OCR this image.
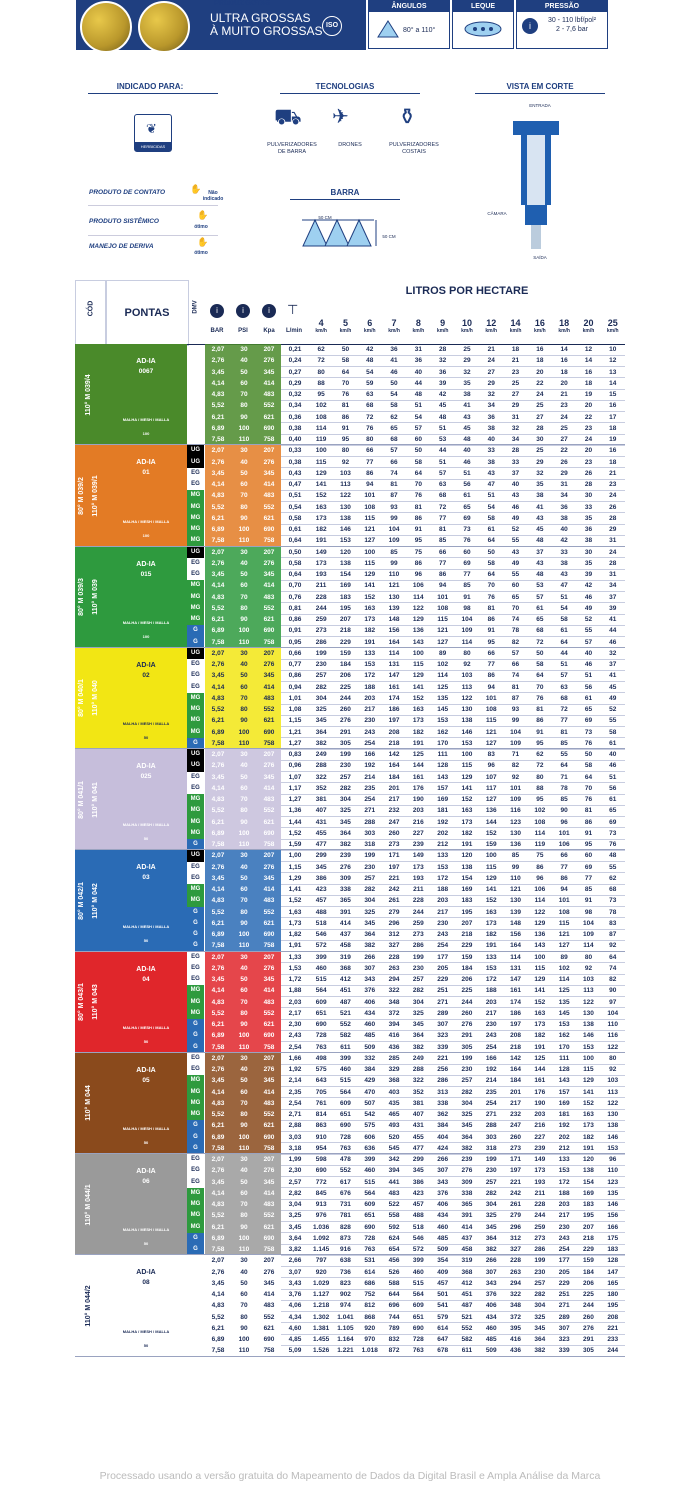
PRODUZ GOTAS
ULTRA GROSSAS
À MUITO GROSSAS ISO
ÂNGULOS
80° a 110°
LEQUE	PRESSÃO
i
30 - 110 lbf/pol²
2 - 7,6 bar
INDICADO PARA:
❦
HERBICIDAS
TECNOLOGIAS
⛟ ✈ ⚱
PULVERIZADORES DE BARRA
DRONES	PULVERIZADORES COSTAIS
VISTA EM CORTE
ENTRADA
CÂMARA
SAÍDA
PRODUTO DE CONTATO	✋	Não indicado
PRODUTO SISTÊMICO
✋
ótimo
MANEJO DE DERIVA	✋
ótimo
BARRA
50 CM
50 CM
CÓD	PONTAS	DMV	i	i	i	⊤
BAR	PSI	Kpa	L/min
LITROS POR HECTARE
4
km/h
5
km/h
6
km/h
7
km/h
8
km/h
9
km/h
10
km/h
12
km/h
14
km/h
16
km/h
18
km/h
20
km/h
25
km/h
110° M 039/4
AD-IA
0067
MALHA / MESH / MALLA
100
2,07	30	207	0,21	62	50	42	36	31	28	25	21	18	16	14	12	10
2,76	40	276	0,24	72	58	48	41	36	32	29	24	21	18	16	14	12
3,45	50	345	0,27	80	64	54	46	40	36	32	27	23	20	18	16	13
4,14	60	414	0,29	88	70	59	50	44	39	35	29	25	22	20	18	14
4,83	70	483	0,32	95	76	63	54	48	42	38	32	27	24	21	19	15
5,52	80	552	0,34	102	81	68	58	51	45	41	34	29	25	23	20	16
6,21	90	621	0,36	108	86	72	62	54	48	43	36	31	27	24	22	17
6,89	100	690	0,38	114	91	76	65	57	51	45	38	32	28	25	23	18
7,58	110	758	0,40	119	95	80	68	60	53	48	40	34	30	27	24	19
80° M 039/2	110° M 039/1
AD-IA
01
MALHA / MESH / MALLA
100
UG	2,07	30	207	0,33	100	80	66	57	50	44	40	33	28	25	22	20	16
UG	2,76	40	276	0,38	115	92	77	66	58	51	46	38	33	29	26	23	18
EG	3,45	50	345	0,43	129	103	86	74	64	57	51	43	37	32	29	26	21
EG	4,14	60	414	0,47	141	113	94	81	70	63	56	47	40	35	31	28	23
MG	4,83	70	483	0,51	152	122	101	87	76	68	61	51	43	38	34	30	24
MG	5,52	80	552	0,54	163	130	108	93	81	72	65	54	46	41	36	33	26
MG	6,21	90	621	0,58	173	138	115	99	86	77	69	58	49	43	38	35	28
MG	6,89	100	690	0,61	182	146	121	104	91	81	73	61	52	45	40	36	29
MG	7,58	110	758	0,64	191	153	127	109	95	85	76	64	55	48	42	38	31
80° M 039/3	110° M 039
AD-IA
015
MALHA / MESH / MALLA
100
UG	2,07	30	207	0,50	149	120	100	85	75	66	60	50	43	37	33	30	24
EG	2,76	40	276	0,58	173	138	115	99	86	77	69	58	49	43	38	35	28
EG	3,45	50	345	0,64	193	154	129	110	96	86	77	64	55	48	43	39	31
MG	4,14	60	414	0,70	211	169	141	121	106	94	85	70	60	53	47	42	34
MG	4,83	70	483	0,76	228	183	152	130	114	101	91	76	65	57	51	46	37
MG	5,52	80	552	0,81	244	195	163	139	122	108	98	81	70	61	54	49	39
MG	6,21	90	621	0,86	259	207	173	148	129	115	104	86	74	65	58	52	41
G	6,89	100	690	0,91	273	218	182	156	136	121	109	91	78	68	61	55	44
G	7,58	110	758	0,95	286	229	191	164	143	127	114	95	82	72	64	57	46
80° M 040/1	110° M 040
AD-IA
02
MALHA / MESH / MALLA
50
UG	2,07	30	207	0,66	199	159	133	114	100	89	80	66	57	50	44	40	32
EG	2,76	40	276	0,77	230	184	153	131	115	102	92	77	66	58	51	46	37
EG	3,45	50	345	0,86	257	206	172	147	129	114	103	86	74	64	57	51	41
EG	4,14	60	414	0,94	282	225	188	161	141	125	113	94	81	70	63	56	45
MG	4,83	70	483	1,01	304	244	203	174	152	135	122	101	87	76	68	61	49
MG	5,52	80	552	1,08	325	260	217	186	163	145	130	108	93	81	72	65	52
MG	6,21	90	621	1,15	345	276	230	197	173	153	138	115	99	86	77	69	55
MG	6,89	100	690	1,21	364	291	243	208	182	162	146	121	104	91	81	73	58
G	7,58	110	758	1,27	382	305	254	218	191	170	153	127	109	95	85	76	61
80° M 041/1	110° M 041
AD-IA
025
MALHA / MESH / MALLA
50
UG	2,07	30	207	0,83	249	199	166	142	125	111	100	83	71	62	55	50	40
UG	2,76	40	276	0,96	288	230	192	164	144	128	115	96	82	72	64	58	46
EG	3,45	50	345	1,07	322	257	214	184	161	143	129	107	92	80	71	64	51
EG	4,14	60	414	1,17	352	282	235	201	176	157	141	117	101	88	78	70	56
MG	4,83	70	483	1,27	381	304	254	217	190	169	152	127	109	95	85	76	61
MG	5,52	80	552	1,36	407	325	271	232	203	181	163	136	116	102	90	81	65
MG	6,21	90	621	1,44	431	345	288	247	216	192	173	144	123	108	96	86	69
MG	6,89	100	690	1,52	455	364	303	260	227	202	182	152	130	114	101	91	73
G	7,58	110	758	1,59	477	382	318	273	239	212	191	159	136	119	106	95	76
80° M 042/1	110° M 042
AD-IA
03
MALHA / MESH / MALLA
50
UG	2,07	30	207	1,00	299	239	199	171	149	133	120	100	85	75	66	60	48
EG	2,76	40	276	1,15	345	276	230	197	173	153	138	115	99	86	77	69	55
EG	3,45	50	345	1,29	386	309	257	221	193	172	154	129	110	96	86	77	62
MG	4,14	60	414	1,41	423	338	282	242	211	188	169	141	121	106	94	85	68
MG	4,83	70	483	1,52	457	365	304	261	228	203	183	152	130	114	101	91	73
G	5,52	80	552	1,63	488	391	325	279	244	217	195	163	139	122	108	98	78
G	6,21	90	621	1,73	518	414	345	296	259	230	207	173	148	129	115	104	83
G	6,89	100	690	1,82	546	437	364	312	273	243	218	182	156	136	121	109	87
G	7,58	110	758	1,91	572	458	382	327	286	254	229	191	164	143	127	114	92
80° M 043/1	110° M 043
AD-IA
04
MALHA / MESH / MALLA
50
EG	2,07	30	207	1,33	399	319	266	228	199	177	159	133	114	100	89	80	64
EG	2,76	40	276	1,53	460	368	307	263	230	205	184	153	131	115	102	92	74
EG	3,45	50	345	1,72	515	412	343	294	257	229	206	172	147	129	114	103	82
MG	4,14	60	414	1,88	564	451	376	322	282	251	225	188	161	141	125	113	90
MG	4,83	70	483	2,03	609	487	406	348	304	271	244	203	174	152	135	122	97
MG	5,52	80	552	2,17	651	521	434	372	325	289	260	217	186	163	145	130	104
G	6,21	90	621	2,30	690	552	460	394	345	307	276	230	197	173	153	138	110
G	6,89	100	690	2,43	728	582	485	416	364	323	291	243	208	182	162	146	116
G	7,58	110	758	2,54	763	611	509	436	382	339	305	254	218	191	170	153	122
110° M 044
AD-IA
05
MALHA / MESH / MALLA
50
EG	2,07	30	207	1,66	498	399	332	285	249	221	199	166	142	125	111	100	80
EG	2,76	40	276	1,92	575	460	384	329	288	256	230	192	164	144	128	115	92
MG	3,45	50	345	2,14	643	515	429	368	322	286	257	214	184	161	143	129	103
MG	4,14	60	414	2,35	705	564	470	403	352	313	282	235	201	176	157	141	113
MG	4,83	70	483	2,54	761	609	507	435	381	338	304	254	217	190	169	152	122
MG	5,52	80	552	2,71	814	651	542	465	407	362	325	271	232	203	181	163	130
G	6,21	90	621	2,88	863	690	575	493	431	384	345	288	247	216	192	173	138
G	6,89	100	690	3,03	910	728	606	520	455	404	364	303	260	227	202	182	146
G	7,58	110	758	3,18	954	763	636	545	477	424	382	318	273	239	212	191	153
110° M 044/1
AD-IA
06
MALHA / MESH / MALLA
50
EG	2,07	30	207	1,99	598	478	399	342	299	266	239	199	171	149	133	120	96
EG	2,76	40	276	2,30	690	552	460	394	345	307	276	230	197	173	153	138	110
EG	3,45	50	345	2,57	772	617	515	441	386	343	309	257	221	193	172	154	123
MG	4,14	60	414	2,82	845	676	564	483	423	376	338	282	242	211	188	169	135
MG	4,83	70	483	3,04	913	731	609	522	457	406	365	304	261	228	203	183	146
MG	5,52	80	552	3,25	976	781	651	558	488	434	391	325	279	244	217	195	156
MG	6,21	90	621	3,45	1.036	828	690	592	518	460	414	345	296	259	230	207	166
G	6,89	100	690	3,64	1.092	873	728	624	546	485	437	364	312	273	243	218	175
G	7,58	110	758	3,82	1.145	916	763	654	572	509	458	382	327	286	254	229	183
110° M 044/2
AD-IA
08
MALHA / MESH / MALLA
50
2,07	30	207	2,66	797	638	531	456	399	354	319	266	228	199	177	159	128
2,76	40	276	3,07	920	736	614	526	460	409	368	307	263	230	205	184	147
3,45	50	345	3,43	1.029	823	686	588	515	457	412	343	294	257	229	206	165
4,14	60	414	3,76	1.127	902	752	644	564	501	451	376	322	282	251	225	180
4,83	70	483	4,06	1.218	974	812	696	609	541	487	406	348	304	271	244	195
5,52	80	552	4,34	1.302	1.041	868	744	651	579	521	434	372	325	289	260	208
6,21	90	621	4,60	1.381	1.105	920	789	690	614	552	460	395	345	307	276	221
6,89	100	690	4,85	1.455	1.164	970	832	728	647	582	485	416	364	323	291	233
7,58	110	758	5,09	1.526	1.221	1.018	872	763	678	611	509	436	382	339	305	244
Processado usando a versão gratuita do Mapeamento de Dados da Digital Brasil e Ampla Análise da Marca
